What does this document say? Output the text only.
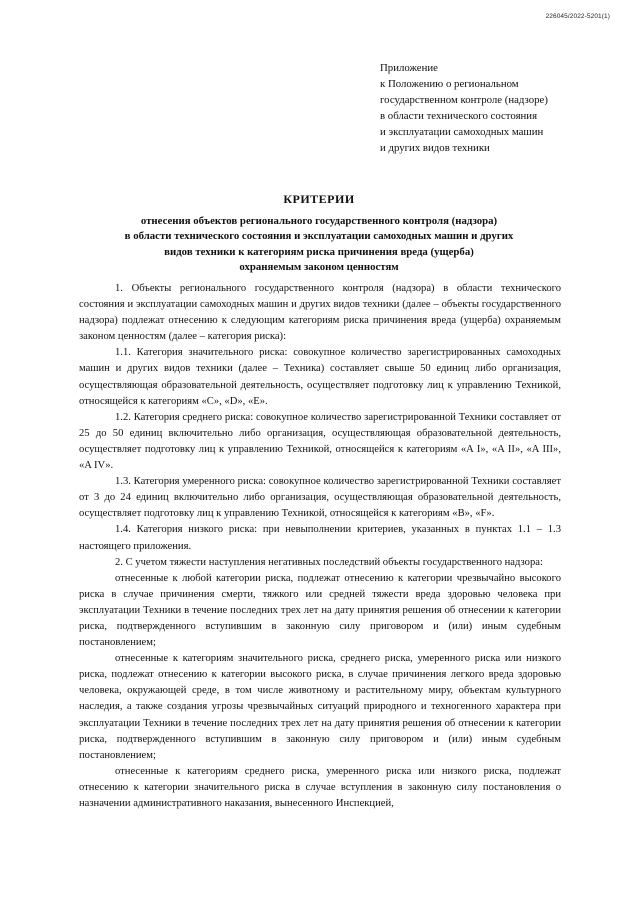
226045/2022-5201(1)
Приложение
к Положению о региональном
государственном контроле (надзоре)
в области технического состояния
и эксплуатации самоходных машин
и других видов техники
КРИТЕРИИ
отнесения объектов регионального государственного контроля (надзора)
в области технического состояния и эксплуатации самоходных машин и других
видов техники к категориям риска причинения вреда (ущерба)
охраняемым законом ценностям

1. Объекты регионального государственного контроля (надзора) в области технического состояния и эксплуатации самоходных машин и других видов техники (далее – объекты государственного надзора) подлежат отнесению к следующим категориям риска причинения вреда (ущерба) охраняемым законом ценностям (далее – категория риска):

1.1. Категория значительного риска: совокупное количество зарегистрированных самоходных машин и других видов техники (далее – Техника) составляет свыше 50 единиц либо организация, осуществляющая образовательной деятельность, осуществляет подготовку лиц к управлению Техникой, относящейся к категориям «C», «D», «E».

1.2. Категория среднего риска: совокупное количество зарегистрированной Техники составляет от 25 до 50 единиц включительно либо организация, осуществляющая образовательной деятельность, осуществляет подготовку лиц к управлению Техникой, относящейся к категориям «A I», «A II», «A III», «A IV».

1.3. Категория умеренного риска: совокупное количество зарегистрированной Техники составляет от 3 до 24 единиц включительно либо организация, осуществляющая образовательной деятельность, осуществляет подготовку лиц к управлению Техникой, относящейся к категориям «B», «F».

1.4. Категория низкого риска: при невыполнении критериев, указанных в пунктах 1.1 – 1.3 настоящего приложения.

2. С учетом тяжести наступления негативных последствий объекты государственного надзора:

отнесенные к любой категории риска, подлежат отнесению к категории чрезвычайно высокого риска в случае причинения смерти, тяжкого или средней тяжести вреда здоровью человека при эксплуатации Техники в течение последних трех лет на дату принятия решения об отнесении к категории риска, подтвержденного вступившим в законную силу приговором и (или) иным судебным постановлением;

отнесенные к категориям значительного риска, среднего риска, умеренного риска или низкого риска, подлежат отнесению к категории высокого риска, в случае причинения легкого вреда здоровью человека, окружающей среде, в том числе животному и растительному миру, объектам культурного наследия, а также создания угрозы чрезвычайных ситуаций природного и техногенного характера при эксплуатации Техники в течение последних трех лет на дату принятия решения об отнесении к категории риска, подтвержденного вступившим в законную силу приговором и (или) иным судебным постановлением;

отнесенные к категориям среднего риска, умеренного риска или низкого риска, подлежат отнесению к категории значительного риска в случае вступления в законную силу постановления о назначении административного наказания, вынесенного Инспекцией,
